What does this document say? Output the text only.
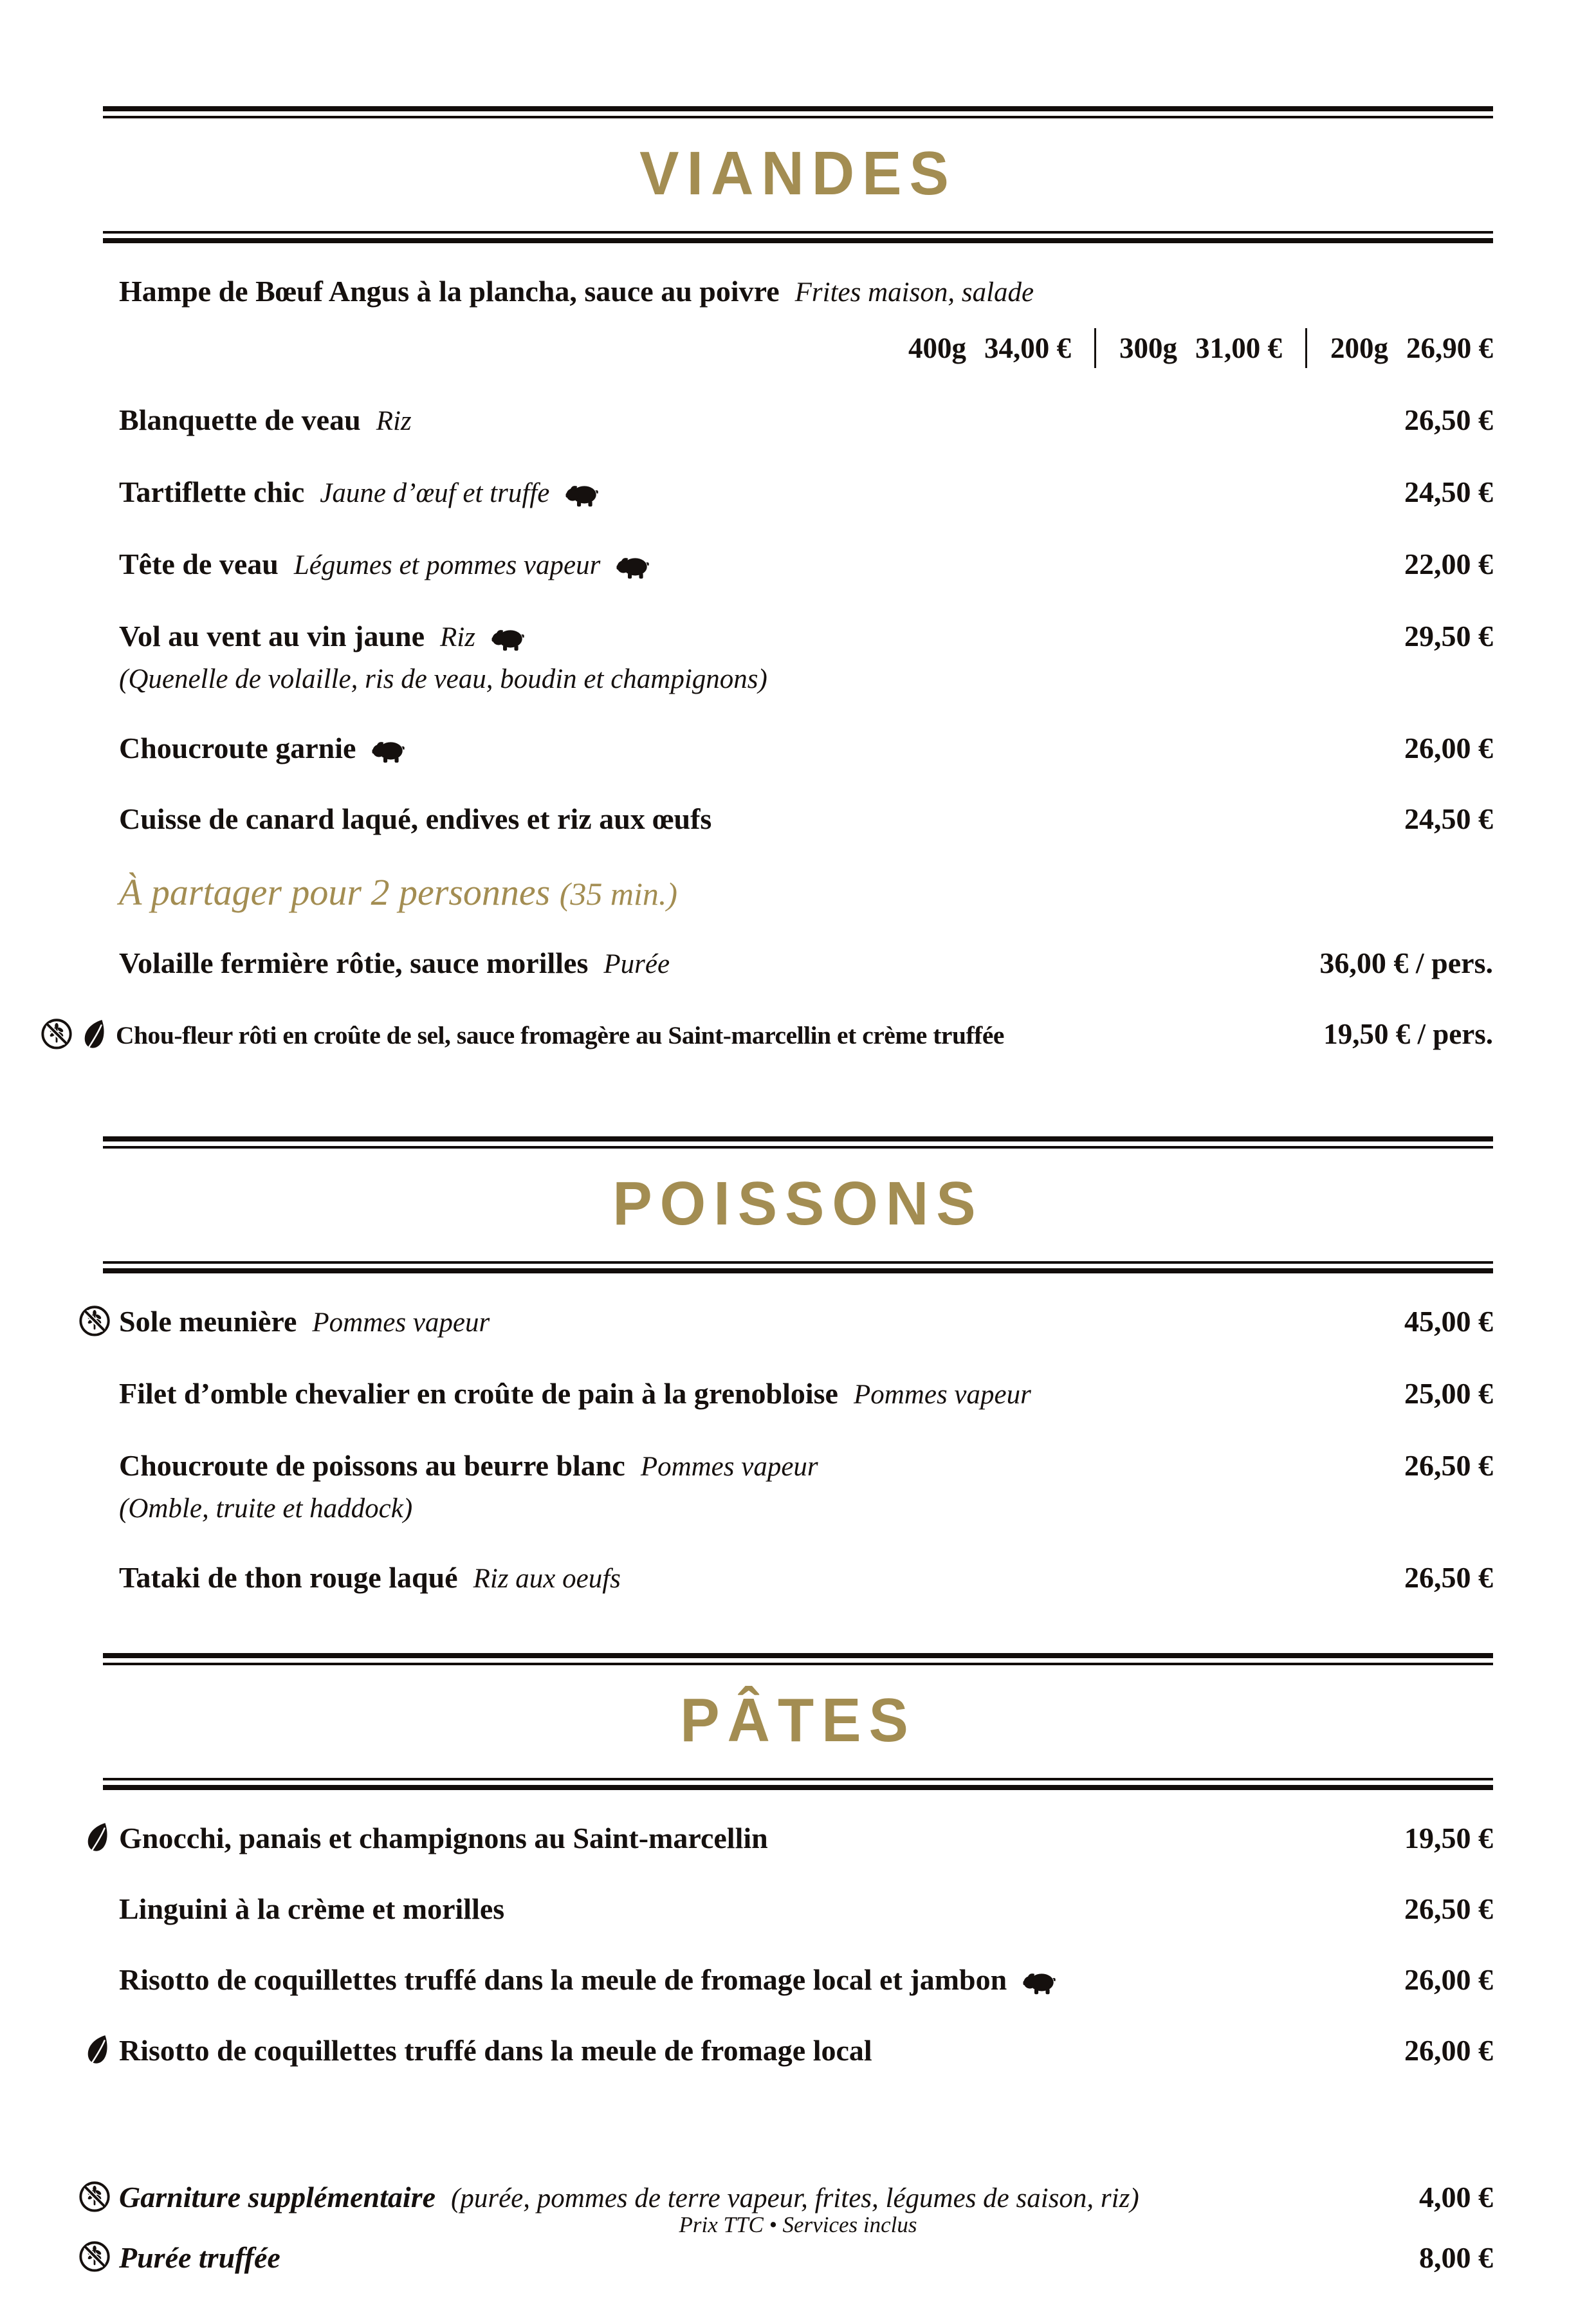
VIANDES
Hampe de Bœuf Angus à la plancha, sauce au poivre Frites maison, salade
400g 34,00 € 300g 31,00 € 200g 26,90 €
Blanquette de veau Riz	26,50 €
Tartiflette chic Jaune d’œuf et truffe	24,50 €
Tête de veau Légumes et pommes vapeur	22,00 €
Vol au vent au vin jaune Riz	29,50 €
(Quenelle de volaille, ris de veau, boudin et champignons)
Choucroute garnie	26,00 €
Cuisse de canard laqué, endives et riz aux œufs	24,50 €
À partager pour 2 personnes (35 min.)
Volaille fermière rôtie, sauce morilles Purée	36,00 € / pers.
Chou-fleur rôti en croûte de sel, sauce fromagère au Saint-marcellin et crème truffée	19,50 € / pers.
POISSONS
Sole meunière Pommes vapeur	45,00 €
Filet d’omble chevalier en croûte de pain à la grenobloise Pommes vapeur	25,00 €
Choucroute de poissons au beurre blanc Pommes vapeur	26,50 €
(Omble, truite et haddock)
Tataki de thon rouge laqué Riz aux oeufs	26,50 €
PÂTES
Gnocchi, panais et champignons au Saint-marcellin	19,50 €
Linguini à la crème et morilles	26,50 €
Risotto de coquillettes truffé dans la meule de fromage local et jambon	26,00 €
Risotto de coquillettes truffé dans la meule de fromage local	26,00 €
Garniture supplémentaire (purée, pommes de terre vapeur, frites, légumes de saison, riz)	4,00 €
Purée truffée	8,00 €
Prix TTC • Services inclus
